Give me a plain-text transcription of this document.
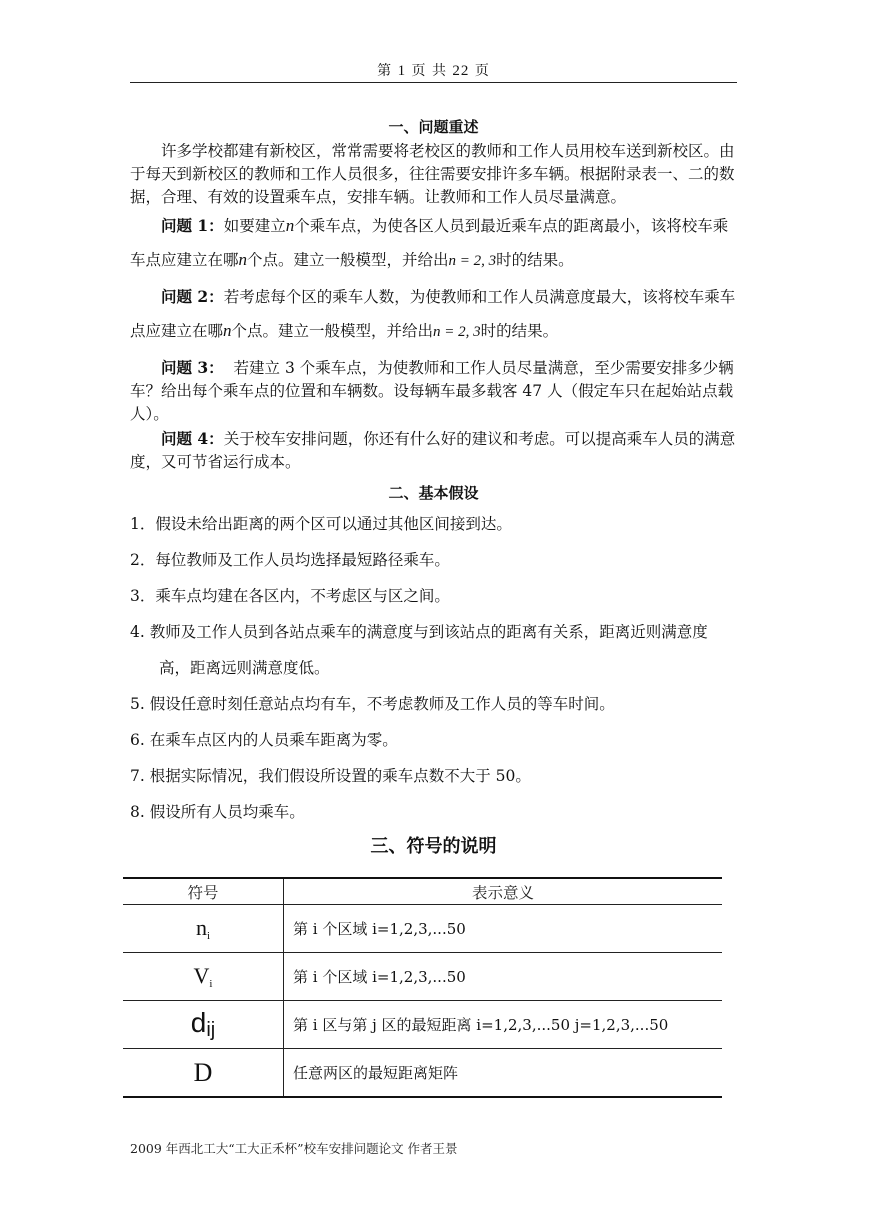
第 1 页 共 22 页
一、问题重述
许多学校都建有新校区，常常需要将老校区的教师和工作人员用校车送到新校区。由于每天到新校区的教师和工作人员很多，往往需要安排许多车辆。根据附录表一、二的数据，合理、有效的设置乘车点，安排车辆。让教师和工作人员尽量满意。
问题 1：如要建立n个乘车点，为使各区人员到最近乘车点的距离最小，该将校车乘车点应建立在哪n个点。建立一般模型，并给出n = 2, 3时的结果。
问题 2：若考虑每个区的乘车人数，为使教师和工作人员满意度最大，该将校车乘车点应建立在哪n个点。建立一般模型，并给出n = 2, 3时的结果。
问题 3： 若建立 3 个乘车点，为使教师和工作人员尽量满意，至少需要安排多少辆车？给出每个乘车点的位置和车辆数。设每辆车最多载客 47 人（假定车只在起始站点载人）。
问题 4：关于校车安排问题，你还有什么好的建议和考虑。可以提高乘车人员的满意度，又可节省运行成本。
二、基本假设
1．假设未给出距离的两个区可以通过其他区间接到达。
2．每位教师及工作人员均选择最短路径乘车。
3．乘车点均建在各区内，不考虑区与区之间。
4. 教师及工作人员到各站点乘车的满意度与到该站点的距离有关系，距离近则满意度高，距离远则满意度低。
5. 假设任意时刻任意站点均有车，不考虑教师及工作人员的等车时间。
6. 在乘车点区内的人员乘车距离为零。
7. 根据实际情况，我们假设所设置的乘车点数不大于 50。
8. 假设所有人员均乘车。
三、符号的说明
符号	表示意义
$n_i$	第 i 个区域 i=1,2,3,...50
$V_i$	第 i 个区域 i=1,2,3,...50
dij	第 i 区与第 j 区的最短距离 i=1,2,3,...50 j=1,2,3,...50
D	任意两区的最短距离矩阵
2009 年西北工大“工大正禾杯”校车安排问题论文 作者王景
